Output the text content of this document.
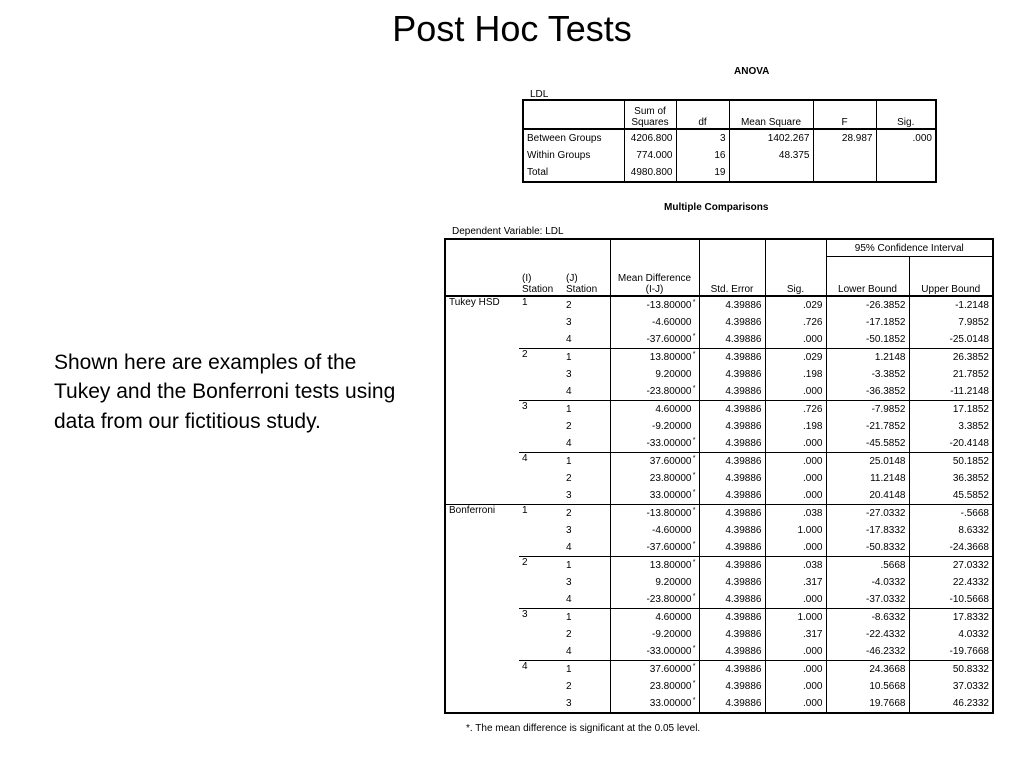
Post Hoc Tests
Shown here are examples of the Tukey and the Bonferroni tests using data from our fictitious study.
ANOVA
LDL
	Sum of Squares	df	Mean Square	F	Sig.
Between Groups	4206.800	3	1402.267	28.987	.000
Within Groups	774.000	16	48.375		
Total	4980.800	19			
Multiple Comparisons
Dependent Variable: LDL
	(I) Station	(J) Station	Mean Difference (I-J)	Std. Error	Sig.	95% Confidence Interval	
						Lower Bound	Upper Bound
Tukey HSD	1	2	-13.80000*	4.39886	.029	-26.3852	-1.2148
		3	-4.60000	4.39886	.726	-17.1852	7.9852
		4	-37.60000*	4.39886	.000	-50.1852	-25.0148
	2	1	13.80000*	4.39886	.029	1.2148	26.3852
		3	9.20000	4.39886	.198	-3.3852	21.7852
		4	-23.80000*	4.39886	.000	-36.3852	-11.2148
	3	1	4.60000	4.39886	.726	-7.9852	17.1852
		2	-9.20000	4.39886	.198	-21.7852	3.3852
		4	-33.00000*	4.39886	.000	-45.5852	-20.4148
	4	1	37.60000*	4.39886	.000	25.0148	50.1852
		2	23.80000*	4.39886	.000	11.2148	36.3852
		3	33.00000*	4.39886	.000	20.4148	45.5852
Bonferroni	1	2	-13.80000*	4.39886	.038	-27.0332	-.5668
		3	-4.60000	4.39886	1.000	-17.8332	8.6332
		4	-37.60000*	4.39886	.000	-50.8332	-24.3668
	2	1	13.80000*	4.39886	.038	.5668	27.0332
		3	9.20000	4.39886	.317	-4.0332	22.4332
		4	-23.80000*	4.39886	.000	-37.0332	-10.5668
	3	1	4.60000	4.39886	1.000	-8.6332	17.8332
		2	-9.20000	4.39886	.317	-22.4332	4.0332
		4	-33.00000*	4.39886	.000	-46.2332	-19.7668
	4	1	37.60000*	4.39886	.000	24.3668	50.8332
		2	23.80000*	4.39886	.000	10.5668	37.0332
		3	33.00000*	4.39886	.000	19.7668	46.2332
*. The mean difference is significant at the 0.05 level.
